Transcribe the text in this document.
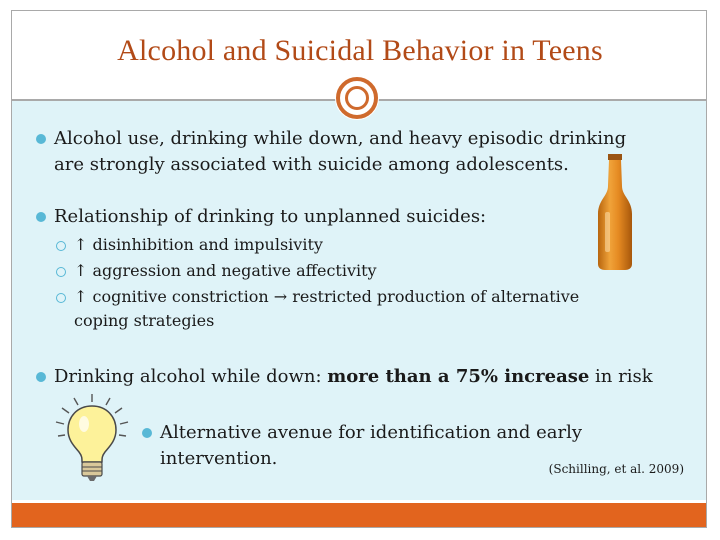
Alcohol and Suicidal Behavior in Teens
Alcohol use, drinking while down, and heavy episodic drinking are strongly associated with suicide among adolescents.
Relationship of drinking to unplanned suicides:
↑ disinhibition and impulsivity
↑ aggression and negative affectivity
↑ cognitive constriction → restricted production of alternative coping strategies
Drinking alcohol while down: more than a 75% increase in risk
Alternative avenue for identification and early intervention.	(Schilling, et al. 2009)
